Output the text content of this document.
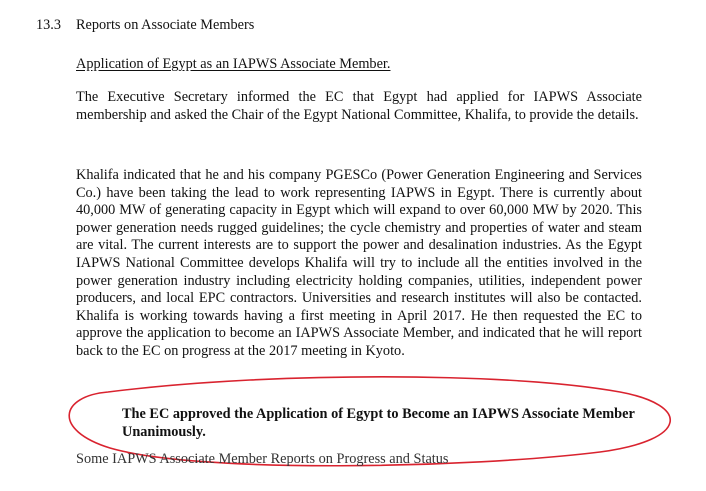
13.3 Reports on Associate Members
Application of Egypt as an IAPWS Associate Member.
The Executive Secretary informed the EC that Egypt had applied for IAPWS Associate membership and asked the Chair of the Egypt National Committee, Khalifa, to provide the details.
Khalifa indicated that he and his company PGESCo (Power Generation Engineering and Services Co.) have been taking the lead to work representing IAPWS in Egypt. There is currently about 40,000 MW of generating capacity in Egypt which will expand to over 60,000 MW by 2020. This power generation needs rugged guidelines; the cycle chemistry and properties of water and steam are vital. The current interests are to support the power and desalination industries. As the Egypt IAPWS National Committee develops Khalifa will try to include all the entities involved in the power generation industry including electricity holding companies, utilities, independent power producers, and local EPC contractors. Universities and research institutes will also be contacted. Khalifa is working towards having a first meeting in April 2017. He then requested the EC to approve the application to become an IAPWS Associate Member, and indicated that he will report back to the EC on progress at the 2017 meeting in Kyoto.
The EC approved the Application of Egypt to Become an IAPWS Associate Member Unanimously.
Some IAPWS Associate Member Reports on Progress and Status
